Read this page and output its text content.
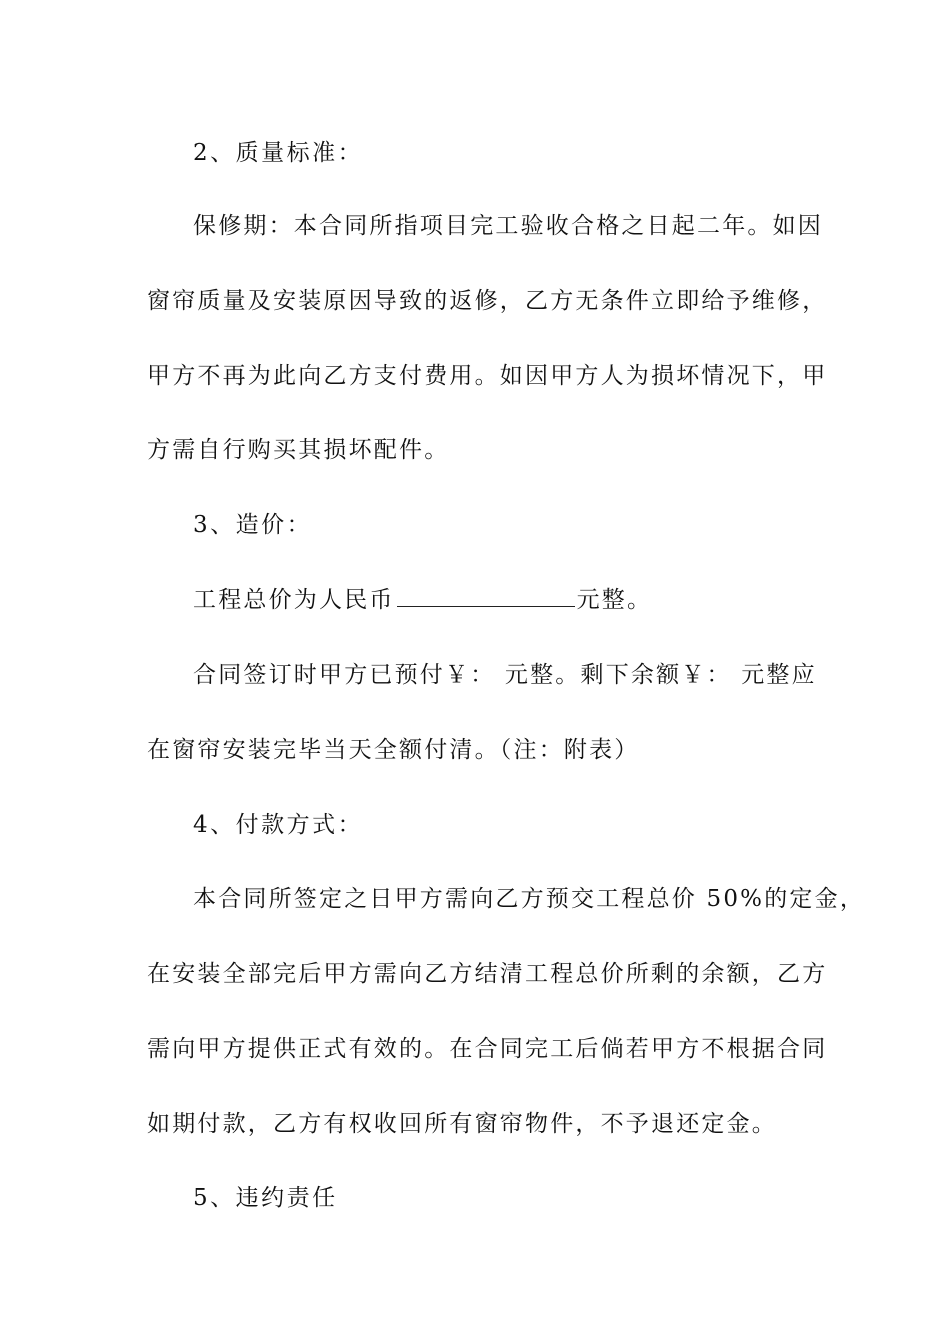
2、质量标准：
保修期：本合同所指项目完工验收合格之日起二年。如因
窗帘质量及安装原因导致的返修，乙方无条件立即给予维修，
甲方不再为此向乙方支付费用。如因甲方人为损坏情况下，甲
方需自行购买其损坏配件。
3、造价：
工程总价为人民币	元整。
合同签订时甲方已预付￥： 元整。剩下余额￥： 元整应
在窗帘安装完毕当天全额付清。（注：附表）
4、付款方式：
本合同所签定之日甲方需向乙方预交工程总价 50%的定金，
在安装全部完后甲方需向乙方结清工程总价所剩的余额，乙方
需向甲方提供正式有效的。在合同完工后倘若甲方不根据合同
如期付款，乙方有权收回所有窗帘物件，不予退还定金。
5、违约责任
